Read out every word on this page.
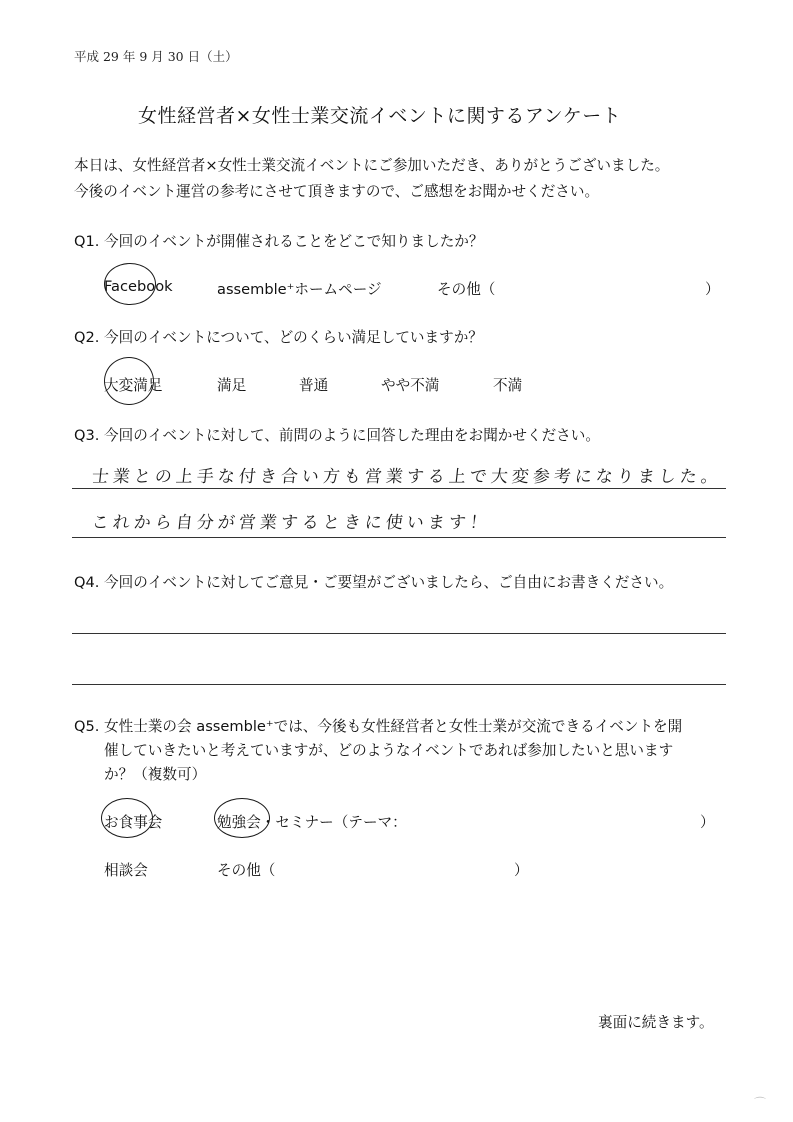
平成 29 年 9 月 30 日（土）
女性経営者×女性士業交流イベントに関するアンケート
本日は、女性経営者×女性士業交流イベントにご参加いただき、ありがとうございました。
今後のイベント運営の参考にさせて頂きますので、ご感想をお聞かせください。
Q1. 今回のイベントが開催されることをどこで知りましたか？
Facebook	assemble⁺ホームページ	その他（	）
Q2. 今回のイベントについて、どのくらい満足していますか？
大変満足	満足	普通	やや不満	不満
Q3. 今回のイベントに対して、前問のように回答した理由をお聞かせください。
士業との上手な付き合い方も営業する上で大変参考になりました。
これから自分が営業するときに使います！
Q4. 今回のイベントに対してご意見・ご要望がございましたら、ご自由にお書きください。
Q5. 女性士業の会 assemble⁺では、今後も女性経営者と女性士業が交流できるイベントを開
催していきたいと考えていますが、どのようなイベントであれば参加したいと思います
か？（複数可）
お食事会	勉強会・セミナー（テーマ：	）
相談会	その他（	）
裏面に続きます。
⌒
